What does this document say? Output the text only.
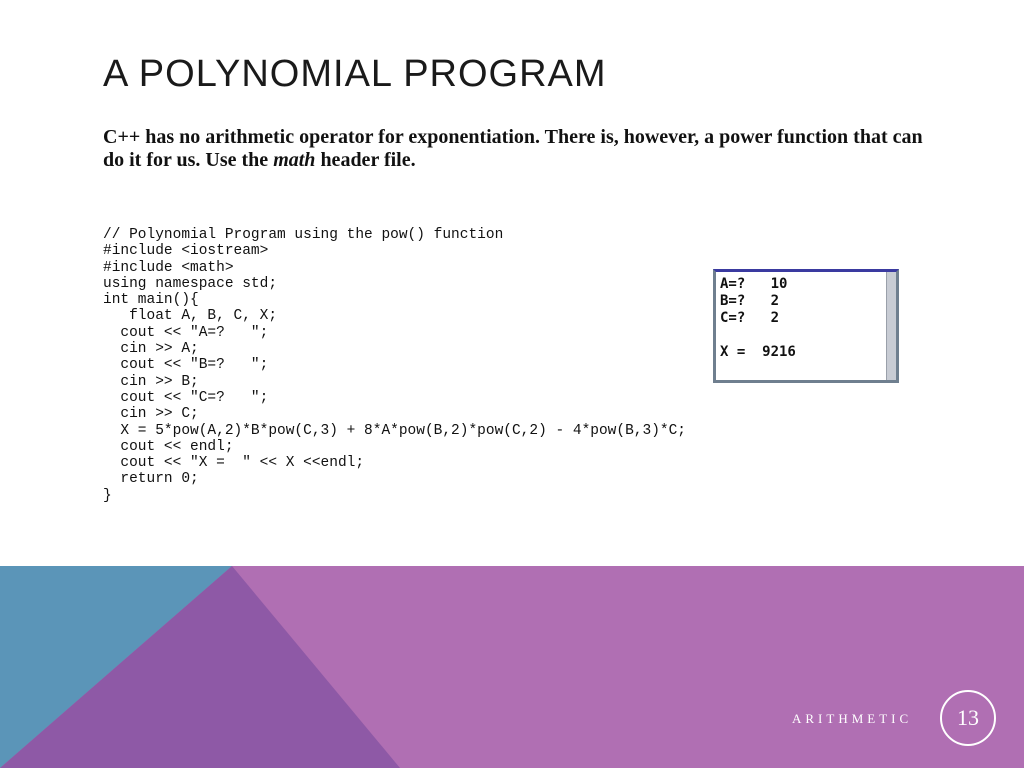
A POLYNOMIAL PROGRAM
C++ has no arithmetic operator for exponentiation. There is, however, a power function that can do it for us. Use the math header file.
// Polynomial Program using the pow() function
#include <iostream>
#include <math>
using namespace std;
int main(){
float A, B, C, X;
cout << "A=?   ";
cin >> A;
cout << "B=?   ";
cin >> B;
cout << "C=?   ";
cin >> C;
X = 5*pow(A,2)*B*pow(C,3) + 8*A*pow(B,2)*pow(C,2) - 4*pow(B,3)*C;
cout << endl;
cout << "X =  " << X <<endl;
return 0;
}
A=?   10
B=?   2
C=?   2
X =  9216
ARITHMETIC 13
